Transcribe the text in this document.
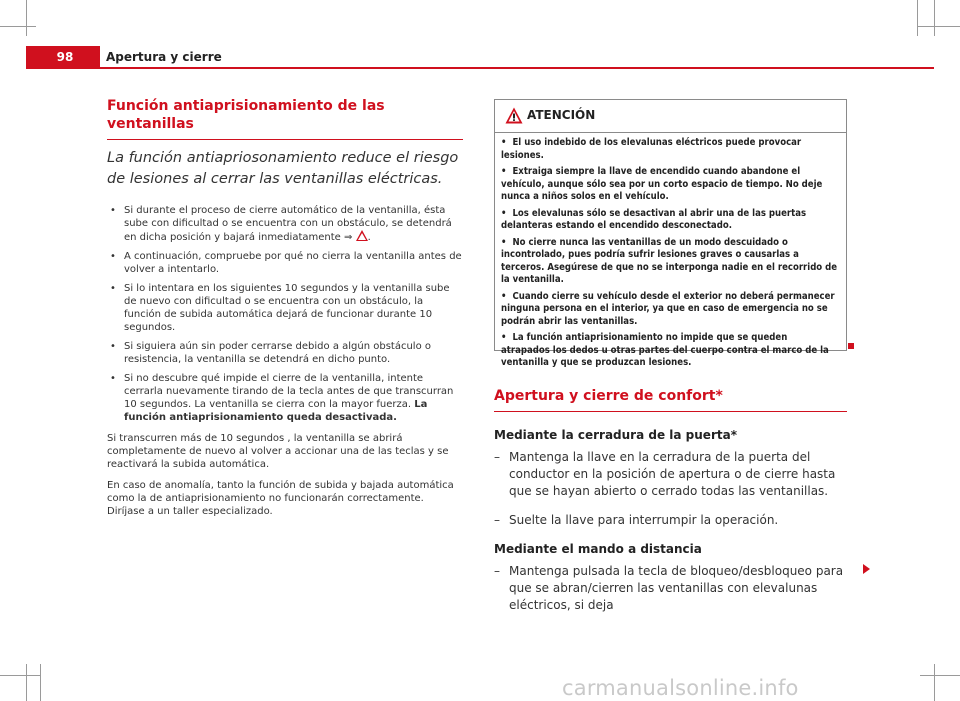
98	Apertura y cierre
Función antiaprisionamiento de las ventanillas

La función antiapriosonamiento reduce el riesgo de lesiones al cerrar las ventanillas eléctricas.

• Si durante el proceso de cierre automático de la ventanilla, ésta sube con dificultad o se encuentra con un obstáculo, se detendrá en dicha posición y bajará inmediatamente ⇒ .
• A continuación, compruebe por qué no cierra la ventanilla antes de volver a intentarlo.
• Si lo intentara en los siguientes 10 segundos y la ventanilla sube de nuevo con dificultad o se encuentra con un obstáculo, la función de subida automática dejará de funcionar durante 10 segundos.
• Si siguiera aún sin poder cerrarse debido a algún obstáculo o resistencia, la ventanilla se detendrá en dicho punto.
• Si no descubre qué impide el cierre de la ventanilla, intente cerrarla nuevamente tirando de la tecla antes de que transcurran 10 segundos. La ventanilla se cierra con la mayor fuerza. La función antiaprisionamiento queda desactivada.

Si transcurren más de 10 segundos , la ventanilla se abrirá completamente de nuevo al volver a accionar una de las teclas y se reactivará la subida automática.

En caso de anomalía, tanto la función de subida y bajada automática como la de antiaprisionamiento no funcionarán correctamente. Diríjase a un taller especializado.

ATENCIÓN
• El uso indebido de los elevalunas eléctricos puede provocar lesiones.
• Extraiga siempre la llave de encendido cuando abandone el vehículo, aunque sólo sea por un corto espacio de tiempo. No deje nunca a niños solos en el vehículo.
• Los elevalunas sólo se desactivan al abrir una de las puertas delanteras estando el encendido desconectado.
• No cierre nunca las ventanillas de un modo descuidado o incontrolado, pues podría sufrir lesiones graves o causarlas a terceros. Asegúrese de que no se interponga nadie en el recorrido de la ventanilla.
• Cuando cierre su vehículo desde el exterior no deberá permanecer ninguna persona en el interior, ya que en caso de emergencia no se podrán abrir las ventanillas.
• La función antiaprisionamiento no impide que se queden atrapados los dedos u otras partes del cuerpo contra el marco de la ventanilla y que se produzcan lesiones.
Apertura y cierre de confort*

Mediante la cerradura de la puerta*

– Mantenga la llave en la cerradura de la puerta del conductor en la posición de apertura o de cierre hasta que se hayan abierto o cerrado todas las ventanillas.
– Suelte la llave para interrumpir la operación.

Mediante el mando a distancia

– Mantenga pulsada la tecla de bloqueo/desbloqueo para que se abran/cierren las ventanillas con elevalunas eléctricos, si deja
carmanualsonline.info
